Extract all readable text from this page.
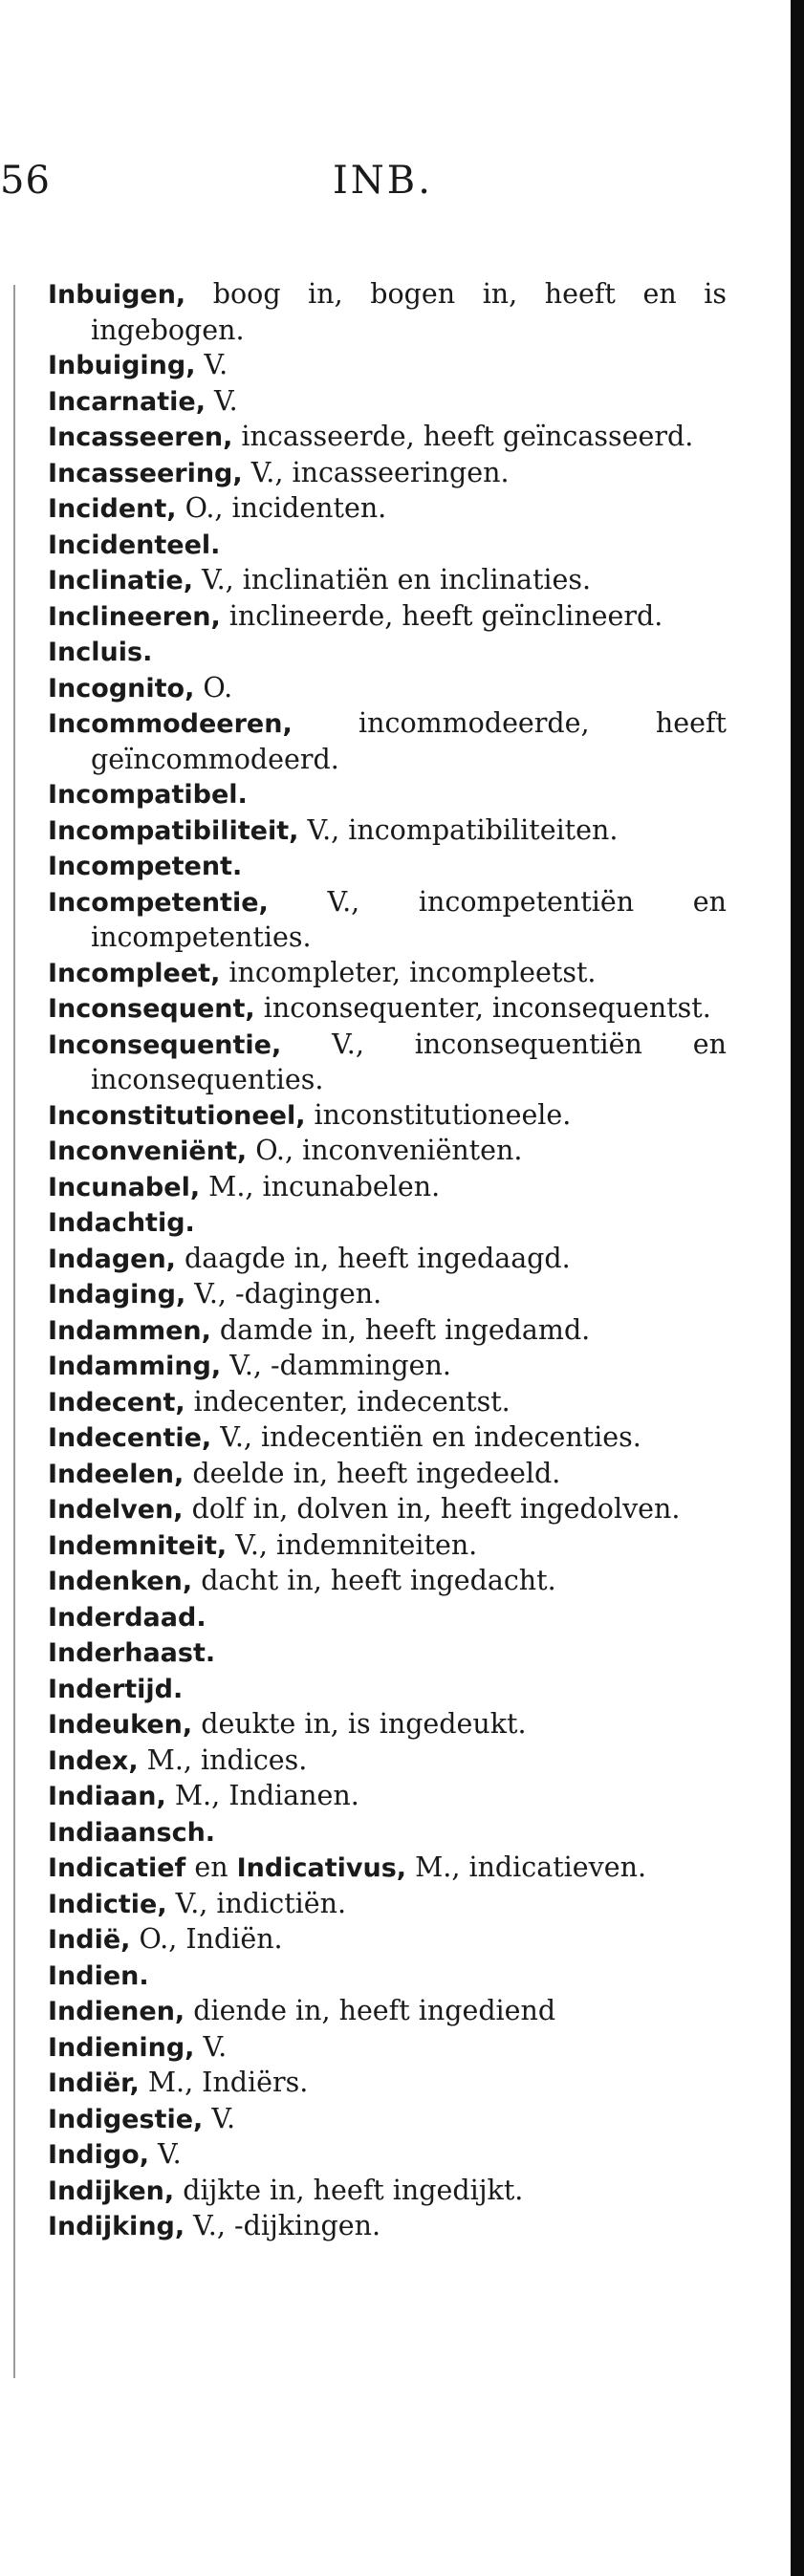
56	INB.
Inbuigen, boog in, bogen in, heeft en is ingebogen.
Inbuiging, V.
Incarnatie, V.
Incasseeren, incasseerde, heeft geïncasseerd.
Incasseering, V., incasseeringen.
Incident, O., incidenten.
Incidenteel.
Inclinatie, V., inclinatiën en inclinaties.
Inclineeren, inclineerde, heeft geïnclineerd.
Incluis.
Incognito, O.
Incommodeeren, incommodeerde, heeft geïncommodeerd.
Incompatibel.
Incompatibiliteit, V., incompatibiliteiten.
Incompetent.
Incompetentie, V., incompetentiën en incompetenties.
Incompleet, incompleter, incompleetst.
Inconsequent, inconsequenter, inconsequentst.
Inconsequentie, V., inconsequentiën en inconsequenties.
Inconstitutioneel, inconstitutioneele.
Inconveniënt, O., inconveniënten.
Incunabel, M., incunabelen.
Indachtig.
Indagen, daagde in, heeft ingedaagd.
Indaging, V., -dagingen.
Indammen, damde in, heeft ingedamd.
Indamming, V., -dammingen.
Indecent, indecenter, indecentst.
Indecentie, V., indecentiën en indecenties.
Indeelen, deelde in, heeft ingedeeld.
Indelven, dolf in, dolven in, heeft ingedolven.
Indemniteit, V., indemniteiten.
Indenken, dacht in, heeft ingedacht.
Inderdaad.
Inderhaast.
Indertijd.
Indeuken, deukte in, is ingedeukt.
Index, M., indices.
Indiaan, M., Indianen.
Indiaansch.
Indicatief en Indicativus, M., indicatieven.
Indictie, V., indictiën.
Indië, O., Indiën.
Indien.
Indienen, diende in, heeft ingediend
Indiening, V.
Indiër, M., Indiërs.
Indigestie, V.
Indigo, V.
Indijken, dijkte in, heeft ingedijkt.
Indijking, V., -dijkingen.
